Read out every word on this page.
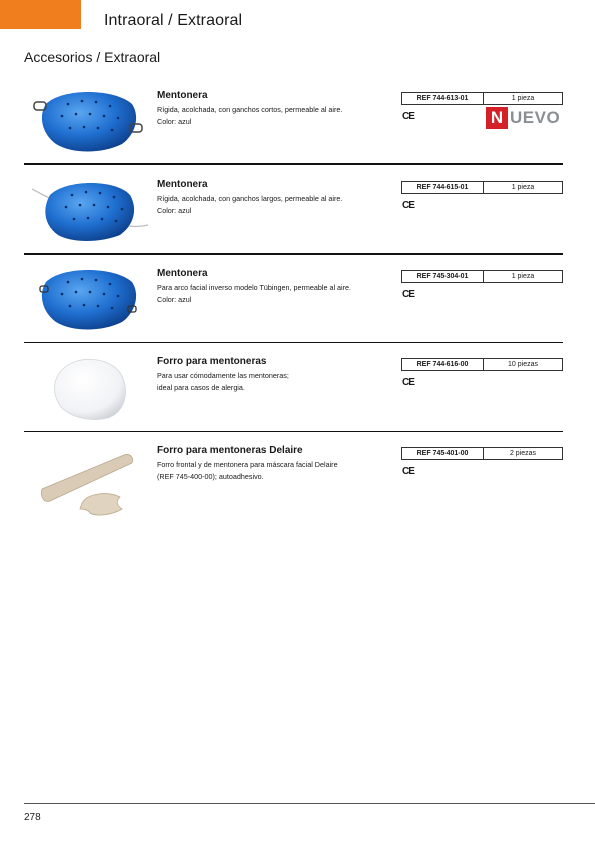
Intraoral / Extraoral
Accesorios / Extraoral
Mentonera
Rígida, acolchada, con ganchos cortos, permeable al aire.
Color: azul
REF 744-613-01	1 pieza
CE	N UEVO
Mentonera
Rígida, acolchada, con ganchos largos, permeable al aire.
Color: azul
REF 744-615-01	1 pieza
CE
Mentonera
Para arco facial inverso modelo Tübingen, permeable al aire.
Color: azul
REF 745-304-01	1 pieza
CE
Forro para mentoneras
Para usar cómodamente las mentoneras;
ideal para casos de alergia.
REF 744-616-00	10 piezas
CE
Forro para mentoneras Delaire
Forro frontal y de mentonera para máscara facial Delaire
(REF 745-400-00); autoadhesivo.
REF 745-401-00	2 piezas
CE
278
